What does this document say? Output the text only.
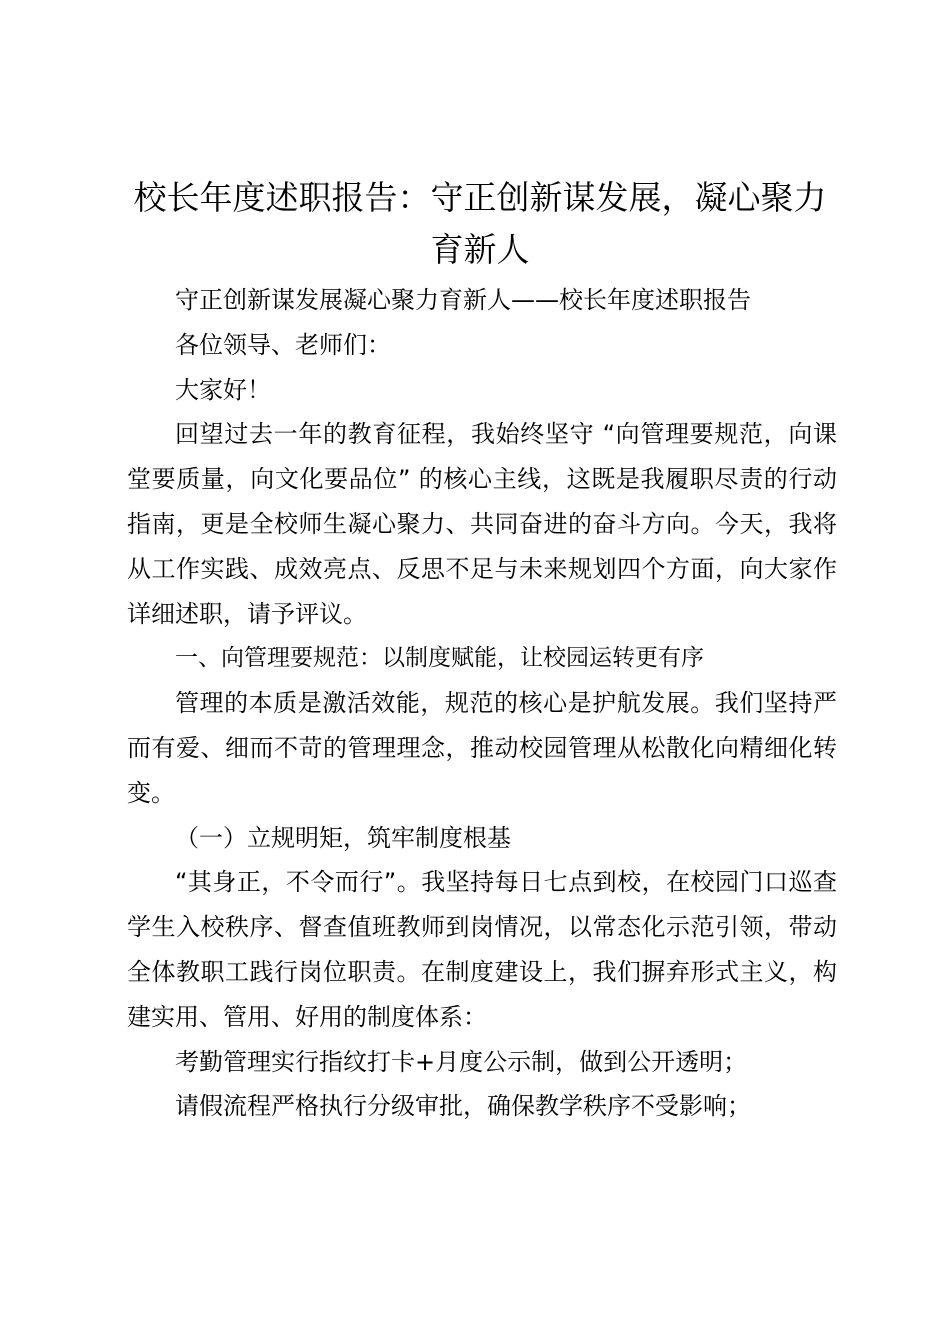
校长年度述职报告：守正创新谋发展，凝心聚力育新人

守正创新谋发展凝心聚力育新人——校长年度述职报告

各位领导、老师们：

大家好！

回望过去一年的教育征程，我始终坚守 “向管理要规范，向课堂要质量，向文化要品位” 的核心主线，这既是我履职尽责的行动指南，更是全校师生凝心聚力、共同奋进的奋斗方向。今天，我将从工作实践、成效亮点、反思不足与未来规划四个方面，向大家作详细述职，请予评议。

一、向管理要规范：以制度赋能，让校园运转更有序

管理的本质是激活效能，规范的核心是护航发展。我们坚持严而有爱、细而不苛的管理理念，推动校园管理从松散化向精细化转变。

（一）立规明矩，筑牢制度根基

“其身正，不令而行”。我坚持每日七点到校，在校园门口巡查学生入校秩序、督查值班教师到岗情况，以常态化示范引领，带动全体教职工践行岗位职责。在制度建设上，我们摒弃形式主义，构建实用、管用、好用的制度体系：

考勤管理实行指纹打卡+月度公示制，做到公开透明；

请假流程严格执行分级审批，确保教学秩序不受影响；
